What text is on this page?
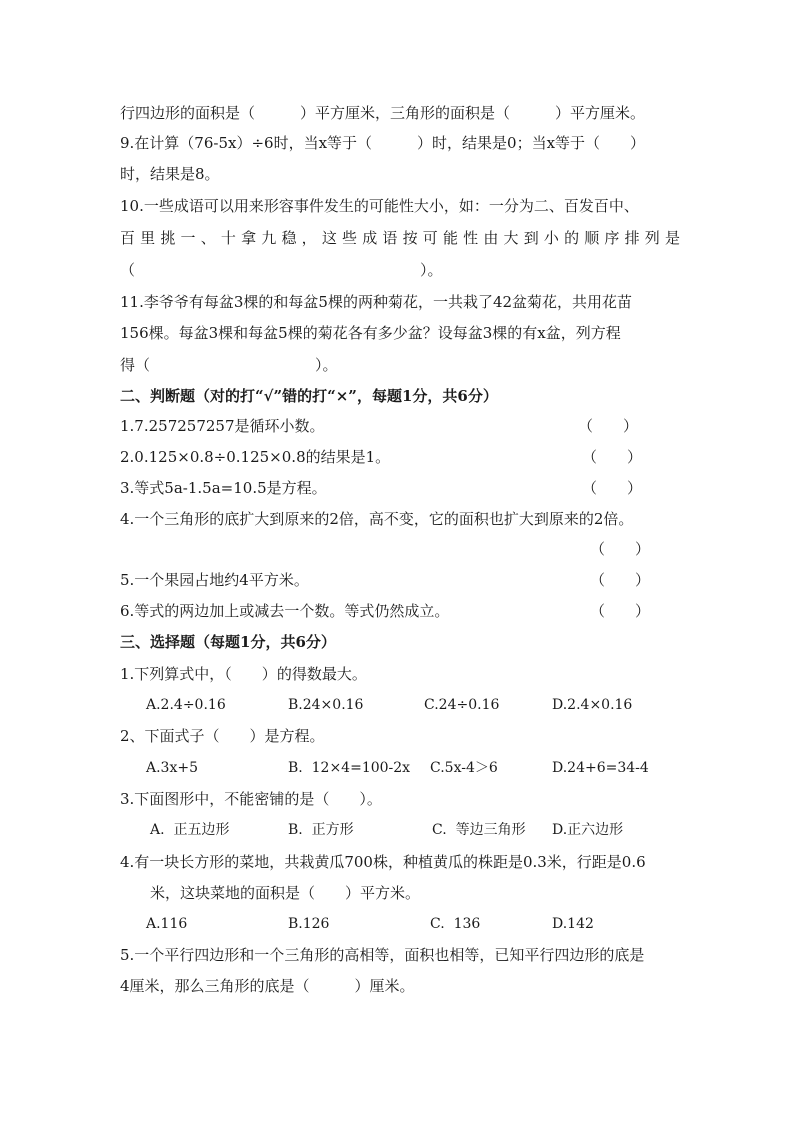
行四边形的面积是（　　　）平方厘米，三角形的面积是（　　　）平方厘米。
9.在计算（76-5x）÷6时，当x等于（　　　）时，结果是0；当x等于（　　）
时，结果是8。
10.一些成语可以用来形容事件发生的可能性大小，如：一分为二、百发百中、
百里挑一、十拿九稳，这些成语按可能性由大到小的顺序排列是
（　　　　　　　　　　　　　　　　　　　）。
11.李爷爷有每盆3棵的和每盆5棵的两种菊花，一共栽了42盆菊花，共用花苗
156棵。每盆3棵和每盆5棵的菊花各有多少盆？设每盆3棵的有x盆，列方程
得（　　　　　　　　　　　）。
二、判断题（对的打“√”错的打“×”，每题1分，共6分）
1.7.257257257是循环小数。	（　　）
2.0.125×0.8÷0.125×0.8的结果是1。	（　　）
3.等式5a-1.5a=10.5是方程。	（　　）
4.一个三角形的底扩大到原来的2倍，高不变，它的面积也扩大到原来的2倍。
（　　）
5.一个果园占地约4平方米。	（　　）
6.等式的两边加上或减去一个数。等式仍然成立。	（　　）
三、选择题（每题1分，共6分）
1.下列算式中，（　　）的得数最大。
A.2.4÷0.16	B.24×0.16	C.24÷0.16	D.2.4×0.16
2、下面式子（　　）是方程。
A.3x+5	B.  12×4=100-2x C.5x-4＞6	D.24+6=34-4
3.下面图形中，不能密铺的是（　　）。
A.  正五边形	B.  正方形	C.  等边三角形 D.正六边形
4.有一块长方形的菜地，共栽黄瓜700株，种植黄瓜的株距是0.3米，行距是0.6
米，这块菜地的面积是（　　）平方米。
A.116	B.126	C.  136	D.142
5.一个平行四边形和一个三角形的高相等，面积也相等，已知平行四边形的底是
4厘米，那么三角形的底是（　　　）厘米。
